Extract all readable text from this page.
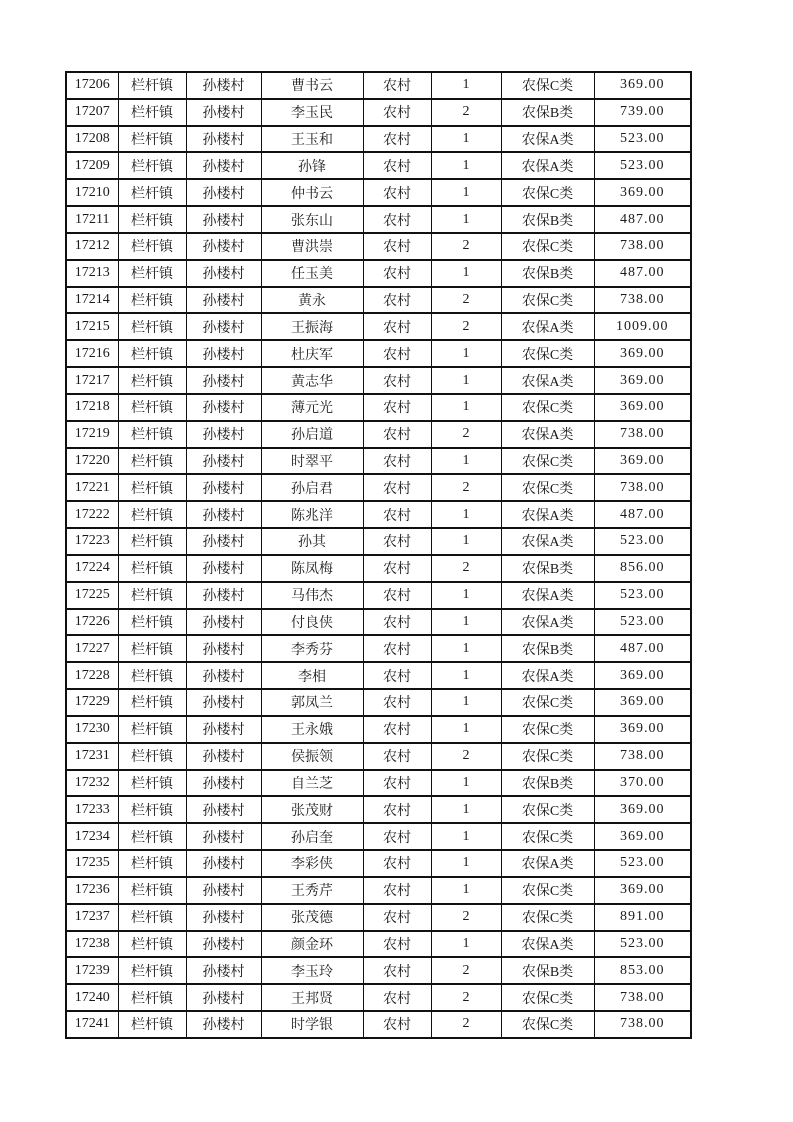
17206	栏杆镇	孙楼村	曹书云	农村	1	农保C类	369.00
17207	栏杆镇	孙楼村	李玉民	农村	2	农保B类	739.00
17208	栏杆镇	孙楼村	王玉和	农村	1	农保A类	523.00
17209	栏杆镇	孙楼村	孙锋	农村	1	农保A类	523.00
17210	栏杆镇	孙楼村	仲书云	农村	1	农保C类	369.00
17211	栏杆镇	孙楼村	张东山	农村	1	农保B类	487.00
17212	栏杆镇	孙楼村	曹洪崇	农村	2	农保C类	738.00
17213	栏杆镇	孙楼村	任玉美	农村	1	农保B类	487.00
17214	栏杆镇	孙楼村	黄永	农村	2	农保C类	738.00
17215	栏杆镇	孙楼村	王振海	农村	2	农保A类	1009.00
17216	栏杆镇	孙楼村	杜庆军	农村	1	农保C类	369.00
17217	栏杆镇	孙楼村	黄志华	农村	1	农保A类	369.00
17218	栏杆镇	孙楼村	薄元光	农村	1	农保C类	369.00
17219	栏杆镇	孙楼村	孙启道	农村	2	农保A类	738.00
17220	栏杆镇	孙楼村	时翠平	农村	1	农保C类	369.00
17221	栏杆镇	孙楼村	孙启君	农村	2	农保C类	738.00
17222	栏杆镇	孙楼村	陈兆洋	农村	1	农保A类	487.00
17223	栏杆镇	孙楼村	孙其	农村	1	农保A类	523.00
17224	栏杆镇	孙楼村	陈凤梅	农村	2	农保B类	856.00
17225	栏杆镇	孙楼村	马伟杰	农村	1	农保A类	523.00
17226	栏杆镇	孙楼村	付良侠	农村	1	农保A类	523.00
17227	栏杆镇	孙楼村	李秀芬	农村	1	农保B类	487.00
17228	栏杆镇	孙楼村	李相	农村	1	农保A类	369.00
17229	栏杆镇	孙楼村	郭凤兰	农村	1	农保C类	369.00
17230	栏杆镇	孙楼村	王永娥	农村	1	农保C类	369.00
17231	栏杆镇	孙楼村	侯振领	农村	2	农保C类	738.00
17232	栏杆镇	孙楼村	自兰芝	农村	1	农保B类	370.00
17233	栏杆镇	孙楼村	张茂财	农村	1	农保C类	369.00
17234	栏杆镇	孙楼村	孙启奎	农村	1	农保C类	369.00
17235	栏杆镇	孙楼村	李彩侠	农村	1	农保A类	523.00
17236	栏杆镇	孙楼村	王秀芹	农村	1	农保C类	369.00
17237	栏杆镇	孙楼村	张茂德	农村	2	农保C类	891.00
17238	栏杆镇	孙楼村	颜金环	农村	1	农保A类	523.00
17239	栏杆镇	孙楼村	李玉玲	农村	2	农保B类	853.00
17240	栏杆镇	孙楼村	王邦贤	农村	2	农保C类	738.00
17241	栏杆镇	孙楼村	时学银	农村	2	农保C类	738.00
